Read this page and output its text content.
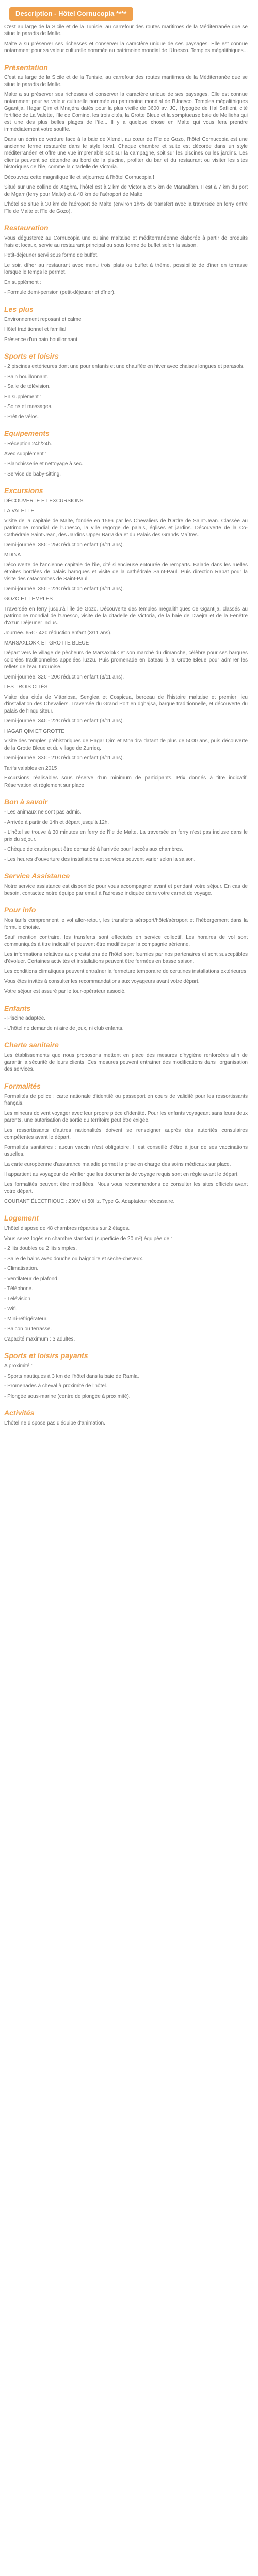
Description - Hôtel Cornucopia ****

C'est au large de la Sicile et de la Tunisie, au carrefour des routes maritimes de la Méditerranée que se situe le paradis de Malte.

Malte a su préserver ses richesses et conserver la caractère unique de ses paysages. Elle est connue notamment pour sa valeur culturelle nommée au patrimoine mondial de l'Unesco. Temples mégalithiques...

Présentation

C'est au large de la Sicile et de la Tunisie, au carrefour des routes maritimes de la Méditerranée que se situe le paradis de Malte.

Malte a su préserver ses richesses et conserver la caractère unique de ses paysages. Elle est connue notamment pour sa valeur culturelle nommée au patrimoine mondial de l'Unesco. Temples mégalithiques Ggantija, Hagar Qim et Mnajdra datés pour la plus vieille de 3600 av. JC, Hypogée de Hal Saflieni, cité fortifiée de La Valette, l'île de Comino, les trois cités, la Grotte Bleue et la somptueuse baie de Mellieha qui est une des plus belles plages de l'île... Il y a quelque chose en Malte qui vous fera prendre immédiatement votre souffle.

Dans un écrin de verdure face à la baie de Xlendi, au cœur de l'île de Gozo, l'hôtel Cornucopia est une ancienne ferme restaurée dans le style local. Chaque chambre et suite est décorée dans un style méditerranéen et offre une vue imprenable soit sur la campagne, soit sur les piscines ou les jardins. Les clients peuvent se détendre au bord de la piscine, profiter du bar et du restaurant ou visiter les sites historiques de l'île, comme la citadelle de Victoria.

Découvrez cette magnifique île et séjournez à l'hôtel Cornucopia !

Situé sur une colline de Xaghra, l'hôtel est à 2 km de Victoria et 5 km de Marsalforn. Il est à 7 km du port de Mgarr (ferry pour Malte) et à 40 km de l'aéroport de Malte.

L'hôtel se situe à 30 km de l'aéroport de Malte (environ 1h45 de transfert avec la traversée en ferry entre l'île de Malte et l'île de Gozo).

Restauration

Vous dégusterez au Cornucopia une cuisine maltaise et méditerranéenne élaborée à partir de produits frais et locaux, servie au restaurant principal ou sous forme de buffet selon la saison.

Petit-déjeuner servi sous forme de buffet.

Le soir, dîner au restaurant avec menu trois plats ou buffet à thème, possibilité de dîner en terrasse lorsque le temps le permet.

En supplément :

- Formule demi-pension (petit-déjeuner et dîner).

Les plus

Environnement reposant et calme

Hôtel traditionnel et familial

Présence d'un bain bouillonnant

Sports et loisirs

- 2 piscines extérieures dont une pour enfants et une chauffée en hiver avec chaises longues et parasols.

- Bain bouillonnant.

- Salle de télévision.

En supplément :

- Soins et massages.

- Prêt de vélos.

Equipements

- Réception 24h/24h.

Avec supplément :

- Blanchisserie et nettoyage à sec.

- Service de baby-sitting.

Excursions

DÉCOUVERTE ET EXCURSIONS

LA VALETTE

Visite de la capitale de Malte, fondée en 1566 par les Chevaliers de l'Ordre de Saint-Jean. Classée au patrimoine mondial de l'Unesco, la ville regorge de palais, églises et jardins. Découverte de la Co-Cathédrale Saint-Jean, des Jardins Upper Barrakka et du Palais des Grands Maîtres.

Demi-journée. 38€ - 25€ réduction enfant (3/11 ans).

MDINA

Découverte de l'ancienne capitale de l'île, cité silencieuse entourée de remparts. Balade dans les ruelles étroites bordées de palais baroques et visite de la cathédrale Saint-Paul. Puis direction Rabat pour la visite des catacombes de Saint-Paul.

Demi-journée. 35€ - 22€ réduction enfant (3/11 ans).

GOZO ET TEMPLES

Traversée en ferry jusqu'à l'île de Gozo. Découverte des temples mégalithiques de Ggantija, classés au patrimoine mondial de l'Unesco, visite de la citadelle de Victoria, de la baie de Dwejra et de la Fenêtre d'Azur. Déjeuner inclus.

Journée. 65€ - 42€ réduction enfant (3/11 ans).

MARSAXLOKK ET GROTTE BLEUE

Départ vers le village de pêcheurs de Marsaxlokk et son marché du dimanche, célèbre pour ses barques colorées traditionnelles appelées luzzu. Puis promenade en bateau à la Grotte Bleue pour admirer les reflets de l'eau turquoise.

Demi-journée. 32€ - 20€ réduction enfant (3/11 ans).

LES TROIS CITÉS

Visite des cités de Vittoriosa, Senglea et Cospicua, berceau de l'histoire maltaise et premier lieu d'installation des Chevaliers. Traversée du Grand Port en dghajsa, barque traditionnelle, et découverte du palais de l'Inquisiteur.

Demi-journée. 34€ - 22€ réduction enfant (3/11 ans).

HAGAR QIM ET GROTTE

Visite des temples préhistoriques de Hagar Qim et Mnajdra datant de plus de 5000 ans, puis découverte de la Grotte Bleue et du village de Zurrieq.

Demi-journée. 33€ - 21€ réduction enfant (3/11 ans).

Tarifs valables en 2015

Excursions réalisables sous réserve d'un minimum de participants. Prix donnés à titre indicatif. Réservation et règlement sur place.

Bon à savoir

- Les animaux ne sont pas admis.

- Arrivée à partir de 14h et départ jusqu'à 12h.

- L'hôtel se trouve à 30 minutes en ferry de l'île de Malte. La traversée en ferry n'est pas incluse dans le prix du séjour.

- Chèque de caution peut être demandé à l'arrivée pour l'accès aux chambres.

- Les heures d'ouverture des installations et services peuvent varier selon la saison.

Service Assistance

Notre service assistance est disponible pour vous accompagner avant et pendant votre séjour. En cas de besoin, contactez notre équipe par email à l'adresse indiquée dans votre carnet de voyage.

Pour info

Nos tarifs comprennent le vol aller-retour, les transferts aéroport/hôtel/aéroport et l'hébergement dans la formule choisie.

Sauf mention contraire, les transferts sont effectués en service collectif. Les horaires de vol sont communiqués à titre indicatif et peuvent être modifiés par la compagnie aérienne.

Les informations relatives aux prestations de l'hôtel sont fournies par nos partenaires et sont susceptibles d'évoluer. Certaines activités et installations peuvent être fermées en basse saison.

Les conditions climatiques peuvent entraîner la fermeture temporaire de certaines installations extérieures.

Vous êtes invités à consulter les recommandations aux voyageurs avant votre départ.

Votre séjour est assuré par le tour-opérateur associé.

Enfants

- Piscine adaptée.

- L'hôtel ne demande ni aire de jeux, ni club enfants.

Charte sanitaire

Les établissements que nous proposons mettent en place des mesures d'hygiène renforcées afin de garantir la sécurité de leurs clients. Ces mesures peuvent entraîner des modifications dans l'organisation des services.

Formalités

Formalités de police : carte nationale d'identité ou passeport en cours de validité pour les ressortissants français.

Les mineurs doivent voyager avec leur propre pièce d'identité. Pour les enfants voyageant sans leurs deux parents, une autorisation de sortie du territoire peut être exigée.

Les ressortissants d'autres nationalités doivent se renseigner auprès des autorités consulaires compétentes avant le départ.

Formalités sanitaires : aucun vaccin n'est obligatoire. Il est conseillé d'être à jour de ses vaccinations usuelles.

La carte européenne d'assurance maladie permet la prise en charge des soins médicaux sur place.

Il appartient au voyageur de vérifier que les documents de voyage requis sont en règle avant le départ.

Les formalités peuvent être modifiées. Nous vous recommandons de consulter les sites officiels avant votre départ.

COURANT ÉLECTRIQUE : 230V et 50Hz. Type G. Adaptateur nécessaire.

Logement

L'hôtel dispose de 48 chambres réparties sur 2 étages.

Vous serez logés en chambre standard (superficie de 20 m²) équipée de :

- 2 lits doubles ou 2 lits simples.

- Salle de bains avec douche ou baignoire et sèche-cheveux.

- Climatisation.

- Ventilateur de plafond.

- Téléphone.

- Télévision.

- Wifi.

- Mini-réfrigérateur.

- Balcon ou terrasse.

Capacité maximum : 3 adultes.

Sports et loisirs payants

A proximité :

- Sports nautiques à 3 km de l'hôtel dans la baie de Ramla.

- Promenades à cheval à proximité de l'hôtel.

- Plongée sous-marine (centre de plongée à proximité).

Activités

L'hôtel ne dispose pas d'équipe d'animation.
